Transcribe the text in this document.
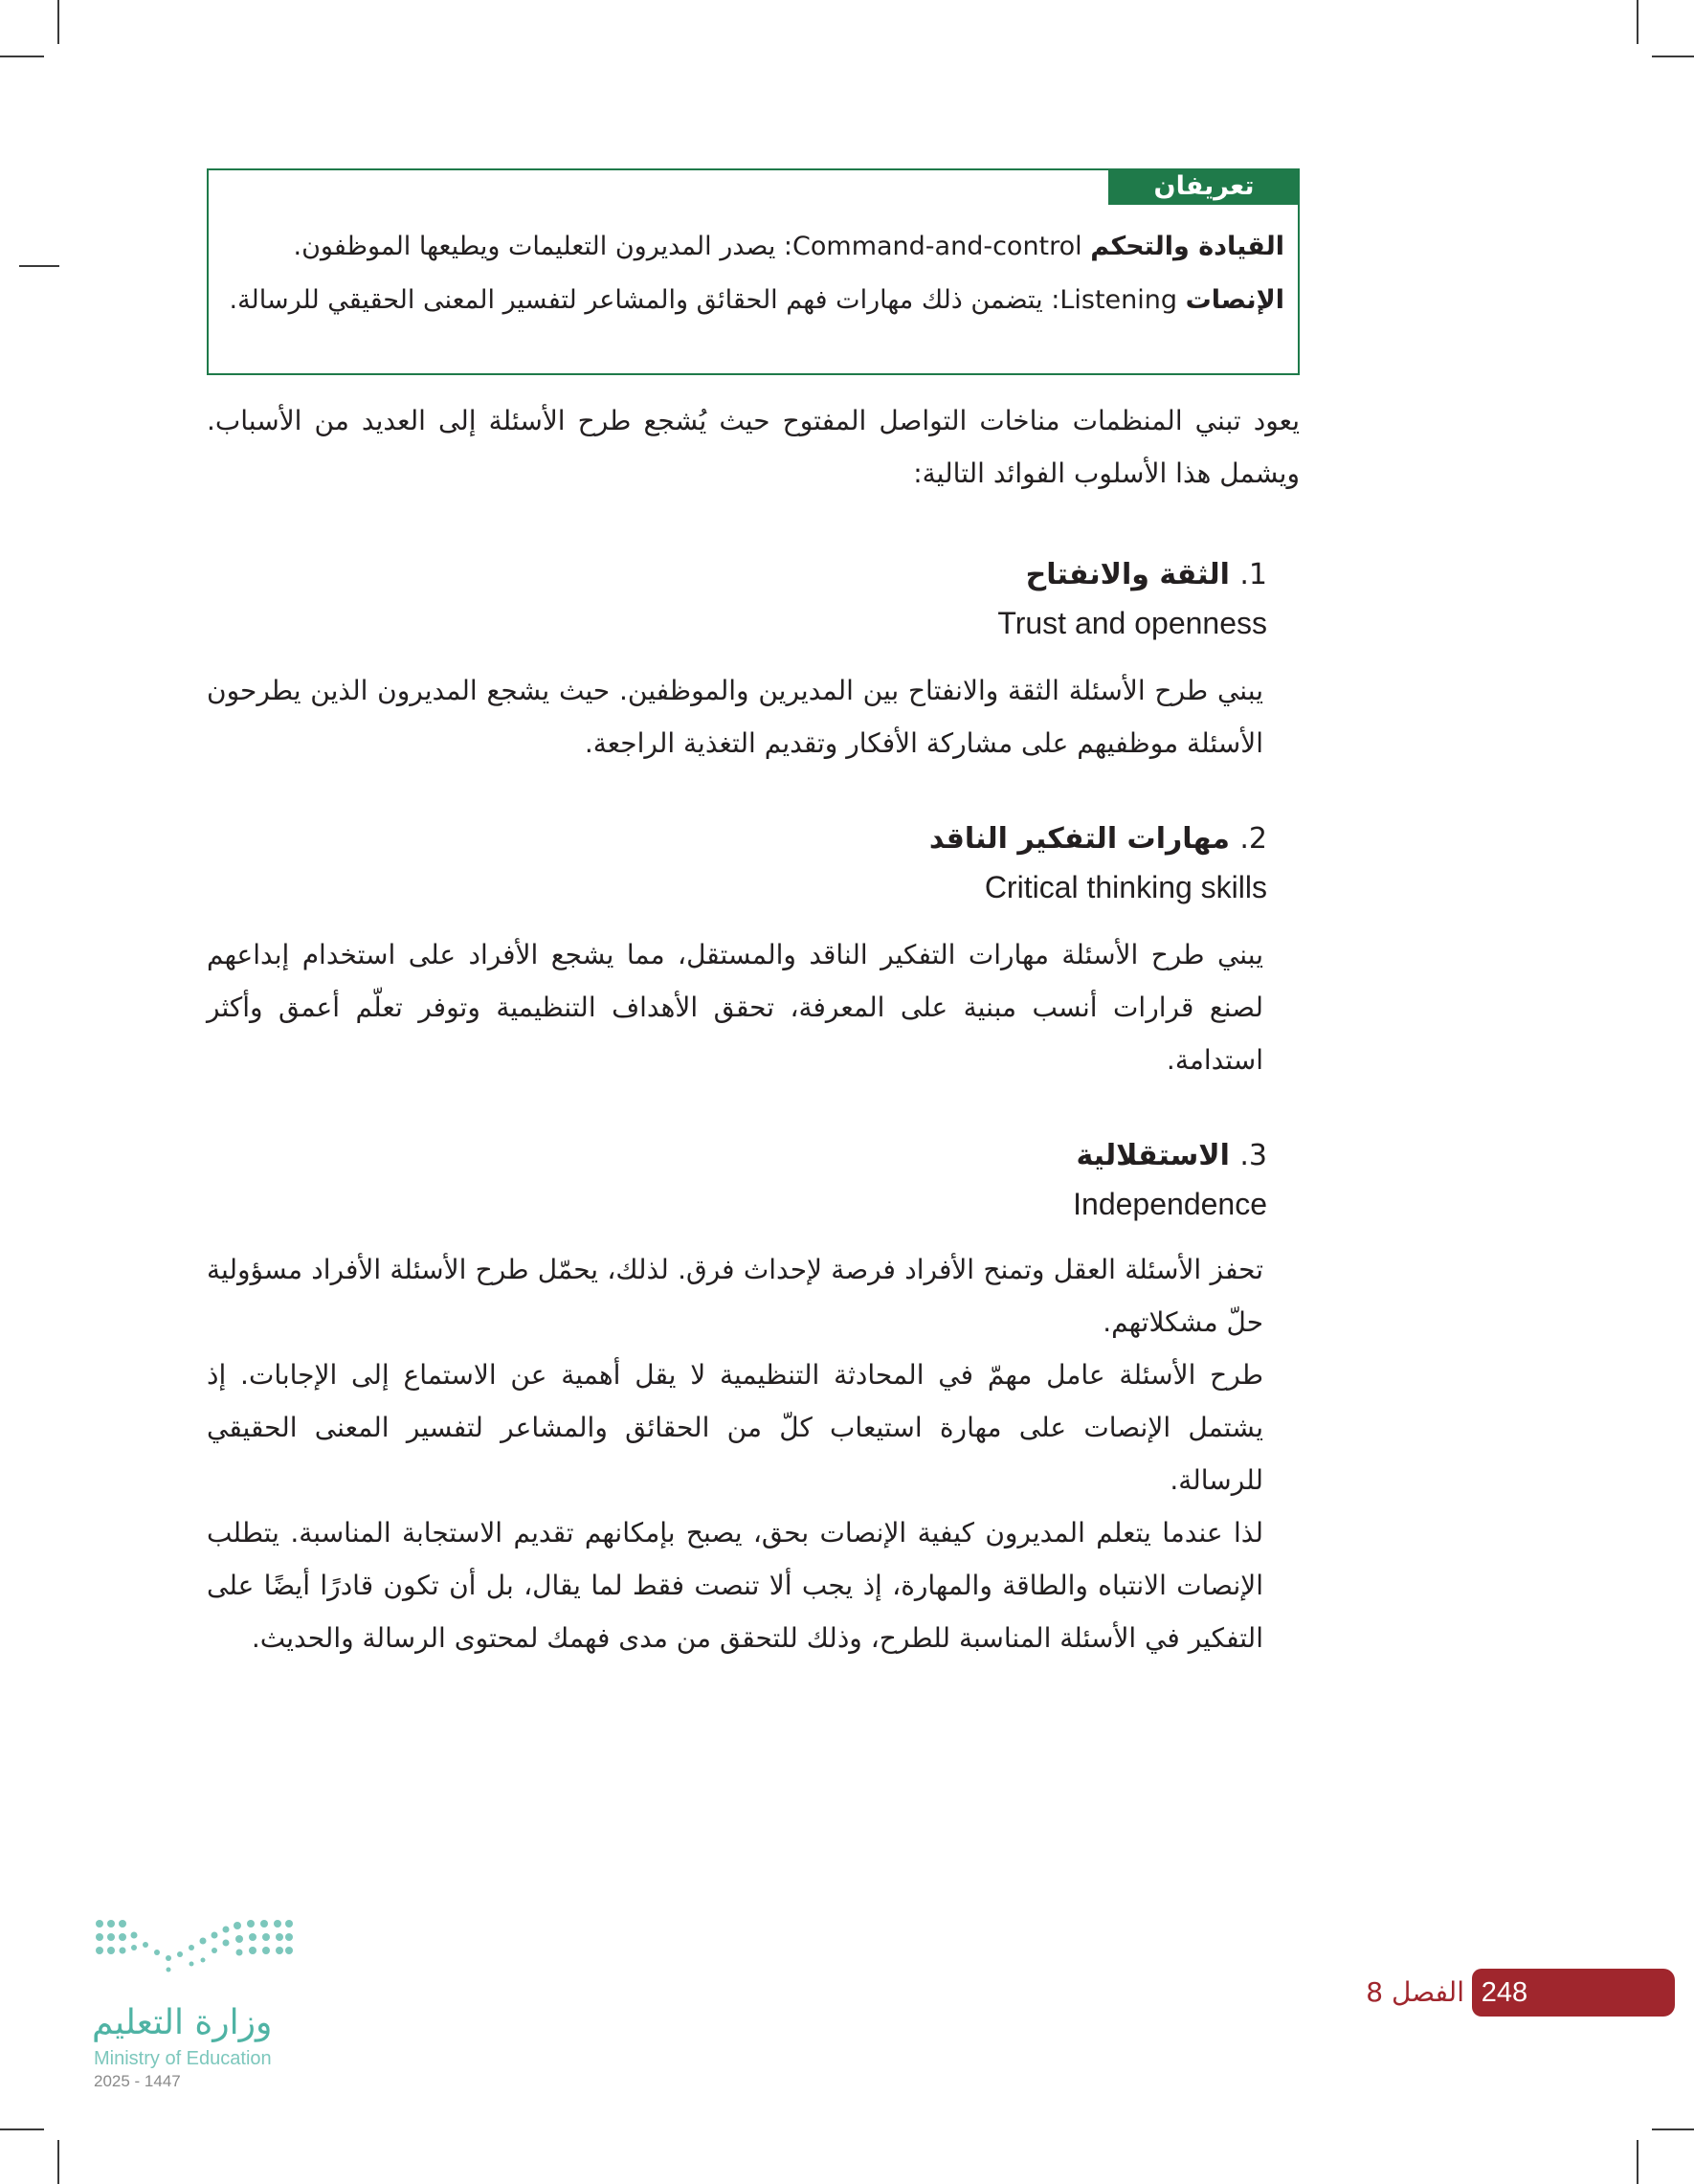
تعريفان
القيادة والتحكم Command-and-control: يصدر المديرون التعليمات ويطيعها الموظفون.
الإنصات Listening: يتضمن ذلك مهارات فهم الحقائق والمشاعر لتفسير المعنى الحقيقي للرسالة.

يعود تبني المنظمات مناخات التواصل المفتوح حيث يُشجع طرح الأسئلة إلى العديد من الأسباب. ويشمل هذا الأسلوب الفوائد التالية:

1. الثقة والانفتاح
Trust and openness

يبني طرح الأسئلة الثقة والانفتاح بين المديرين والموظفين. حيث يشجع المديرون الذين يطرحون الأسئلة موظفيهم على مشاركة الأفكار وتقديم التغذية الراجعة.

2. مهارات التفكير الناقد
Critical thinking skills

يبني طرح الأسئلة مهارات التفكير الناقد والمستقل، مما يشجع الأفراد على استخدام إبداعهم لصنع قرارات أنسب مبنية على المعرفة، تحقق الأهداف التنظيمية وتوفر تعلّم أعمق وأكثر استدامة.

3. الاستقلالية
Independence

تحفز الأسئلة العقل وتمنح الأفراد فرصة لإحداث فرق. لذلك، يحمّل طرح الأسئلة الأفراد مسؤولية حلّ مشكلاتهم.

طرح الأسئلة عامل مهمّ في المحادثة التنظيمية لا يقل أهمية عن الاستماع إلى الإجابات. إذ يشتمل الإنصات على مهارة استيعاب كلّ من الحقائق والمشاعر لتفسير المعنى الحقيقي للرسالة.

لذا عندما يتعلم المديرون كيفية الإنصات بحق، يصبح بإمكانهم تقديم الاستجابة المناسبة. يتطلب الإنصات الانتباه والطاقة والمهارة، إذ يجب ألا تنصت فقط لما يقال، بل أن تكون قادرًا أيضًا على التفكير في الأسئلة المناسبة للطرح، وذلك للتحقق من مدى فهمك لمحتوى الرسالة والحديث.

248
الفصل 8
وزارة التعليم
Ministry of Education
2025 - 1447
